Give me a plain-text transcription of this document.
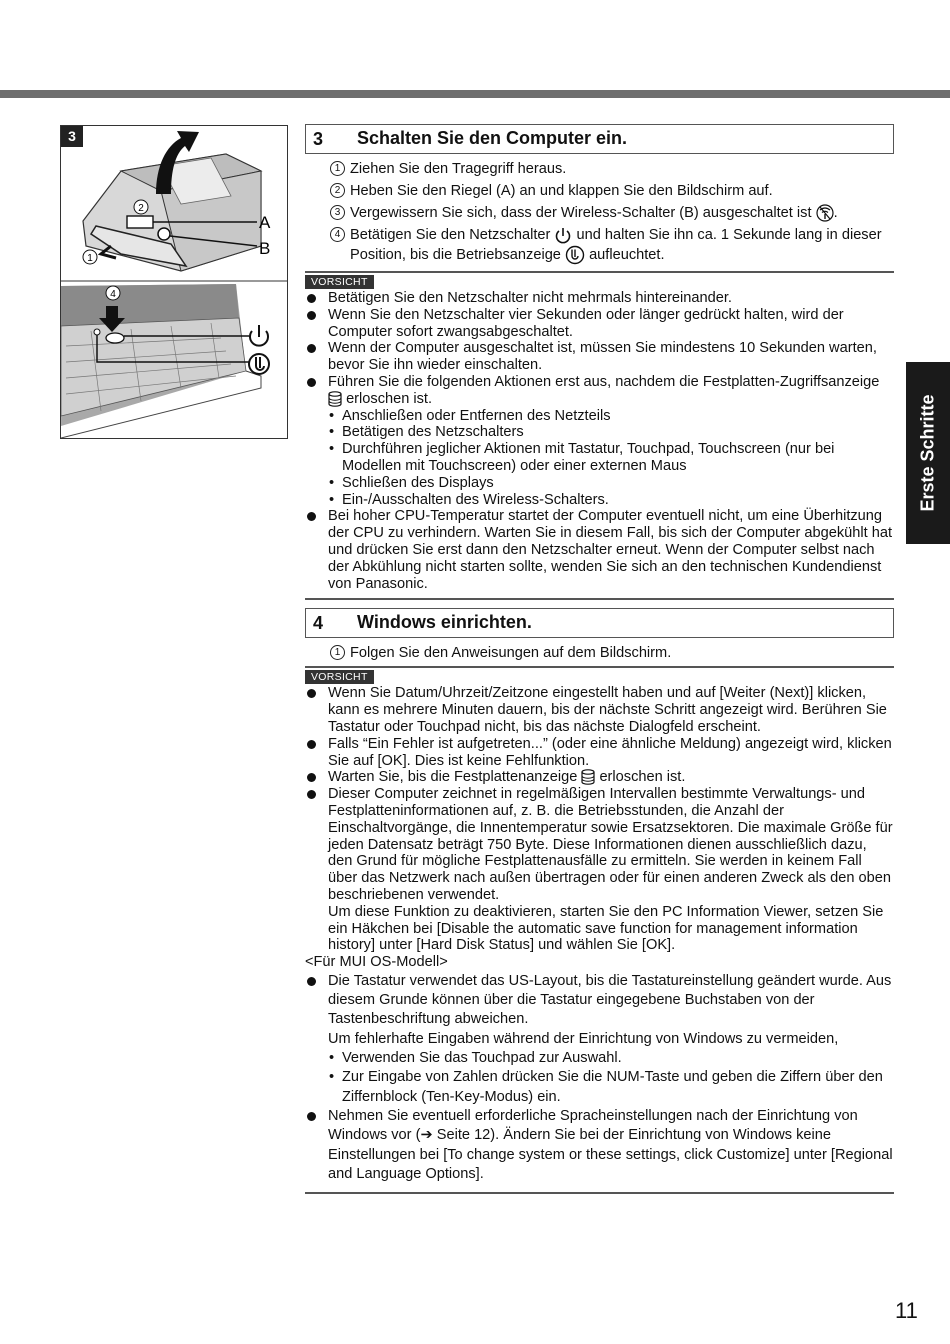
2
1
A
B
4
3
Erste Schritte
3 Schalten Sie den Computer ein.
1 Ziehen Sie den Tragegriff heraus.
2 Heben Sie den Riegel (A) an und klappen Sie den Bildschirm auf.
3 Vergewissern Sie sich, dass der Wireless-Schalter (B) ausgeschaltet ist .
4 Betätigen Sie den Netzschalter und halten Sie ihn ca. 1 Sekunde lang in dieser Position, bis die Betriebsanzeige aufleuchtet.
VORSICHT
Betätigen Sie den Netzschalter nicht mehrmals hintereinander.
Wenn Sie den Netzschalter vier Sekunden oder länger gedrückt halten, wird der Computer sofort zwangsabgeschaltet.
Wenn der Computer ausgeschaltet ist, müssen Sie mindestens 10 Sekunden warten, bevor Sie ihn wieder einschalten.
Führen Sie die folgenden Aktionen erst aus, nachdem die Festplatten-Zugriffsanzeige  erloschen ist.
• Anschließen oder Entfernen des Netzteils
• Betätigen des Netzschalters
• Durchführen jeglicher Aktionen mit Tastatur, Touchpad, Touchscreen (nur bei Modellen mit Touchscreen) oder einer externen Maus
• Schließen des Displays
• Ein-/Ausschalten des Wireless-Schalters.
Bei hoher CPU-Temperatur startet der Computer eventuell nicht, um eine Überhitzung der CPU zu verhindern. Warten Sie in diesem Fall, bis sich der Computer abgekühlt hat und drücken Sie erst dann den Netzschalter erneut. Wenn der Computer selbst nach der Abkühlung nicht starten sollte, wenden Sie sich an den technischen Kundendienst von Panasonic.
4 Windows einrichten.
1 Folgen Sie den Anweisungen auf dem Bildschirm.
VORSICHT
Wenn Sie Datum/Uhrzeit/Zeitzone eingestellt haben und auf [Weiter (Next)] klicken, kann es mehrere Minuten dauern, bis der nächste Schritt angezeigt wird. Berühren Sie Tastatur oder Touchpad nicht, bis das nächste Dialogfeld erscheint.
Falls “Ein Fehler ist aufgetreten...” (oder eine ähnliche Meldung) angezeigt wird, klicken Sie auf [OK]. Dies ist keine Fehlfunktion.
Warten Sie, bis die Festplattenanzeige erloschen ist.
Dieser Computer zeichnet in regelmäßigen Intervallen bestimmte Verwaltungs- und Festplatteninformationen auf, z. B. die Betriebsstunden, die Anzahl der Einschaltvorgänge, die Innentemperatur sowie Ersatzsektoren. Die maximale Größe für jeden Datensatz beträgt 750 Byte. Diese Informationen dienen ausschließlich dazu, den Grund für mögliche Festplattenausfälle zu ermitteln. Sie werden in keinem Fall über das Netzwerk nach außen übertragen oder für einen anderen Zweck als den oben beschriebenen verwendet.
Um diese Funktion zu deaktivieren, starten Sie den PC Information Viewer, setzen Sie ein Häkchen bei [Disable the automatic save function for management information history] unter [Hard Disk Status] und wählen Sie [OK].
<Für MUI OS-Modell>
Die Tastatur verwendet das US-Layout, bis die Tastatureinstellung geändert wurde. Aus diesem Grunde können über die Tastatur eingegebene Buchstaben von der Tastenbeschriftung abweichen.
Um fehlerhafte Eingaben während der Einrichtung von Windows zu vermeiden,
• Verwenden Sie das Touchpad zur Auswahl.
• Zur Eingabe von Zahlen drücken Sie die NUM-Taste und geben die Ziffern über den Ziffernblock (Ten-Key-Modus) ein.
Nehmen Sie eventuell erforderliche Spracheinstellungen nach der Einrichtung von Windows vor (➔ Seite 12). Ändern Sie bei der Einrichtung von Windows keine Einstellungen bei [To change system or these settings, click Customize] unter [Regional and Language Options].
11
